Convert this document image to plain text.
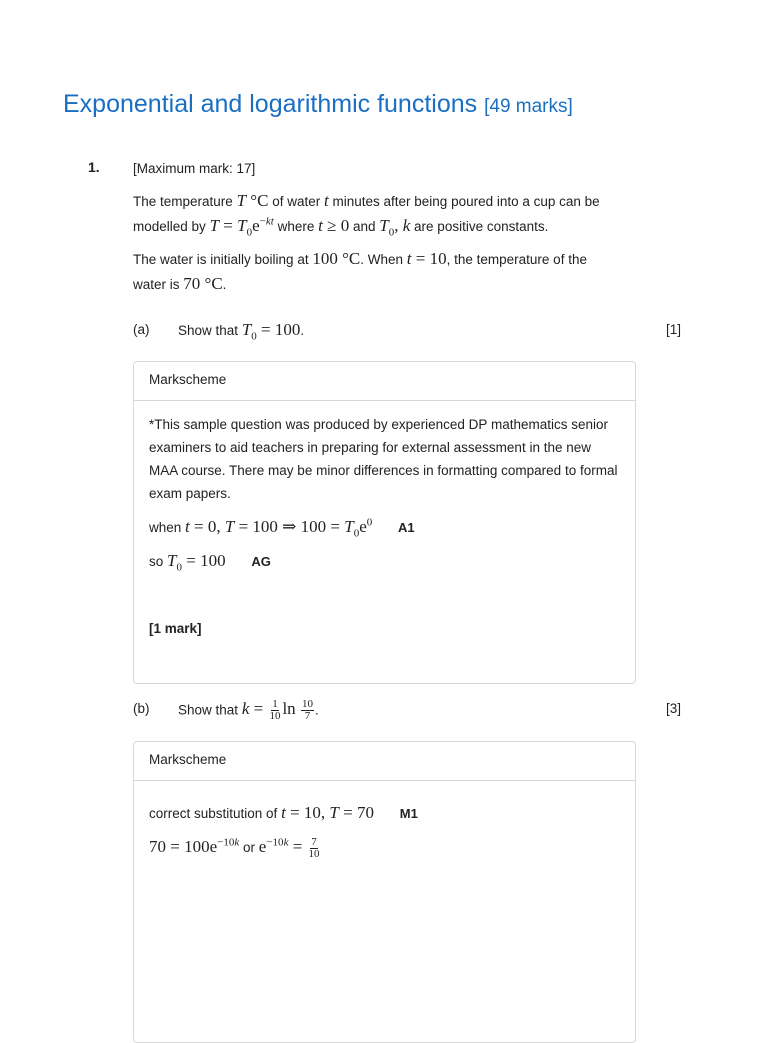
Exponential and logarithmic functions [49 marks]
1. [Maximum mark: 17]

The temperature T °C of water t minutes after being poured into a cup can be
modelled by $T = T_0e^{-kt}$ where t ≥ 0 and $T_0$, k are positive constants.

The water is initially boiling at 100 °C. When t = 10, the temperature of the
water is 70 °C.

(a) Show that $T_0 = 100$.	[1]
Markscheme

*This sample question was produced by experienced DP mathematics senior examiners to aid teachers in preparing for external assessment in the new MAA course. There may be minor differences in formatting compared to formal exam papers.

when t = 0, T = 100 ⇒ $100 = T_0e^0$ A1
so $T_0 = 100$ AG
[1 mark]
(b) Show that $k = \frac{1}{10}$ $\ln \frac{10}{7}$ .	[3]
Markscheme
correct substitution of t = 10, T = 70 M1
$70 = 100e^{-10k}$ or $e^{-10k} = \frac{7}{10}$
